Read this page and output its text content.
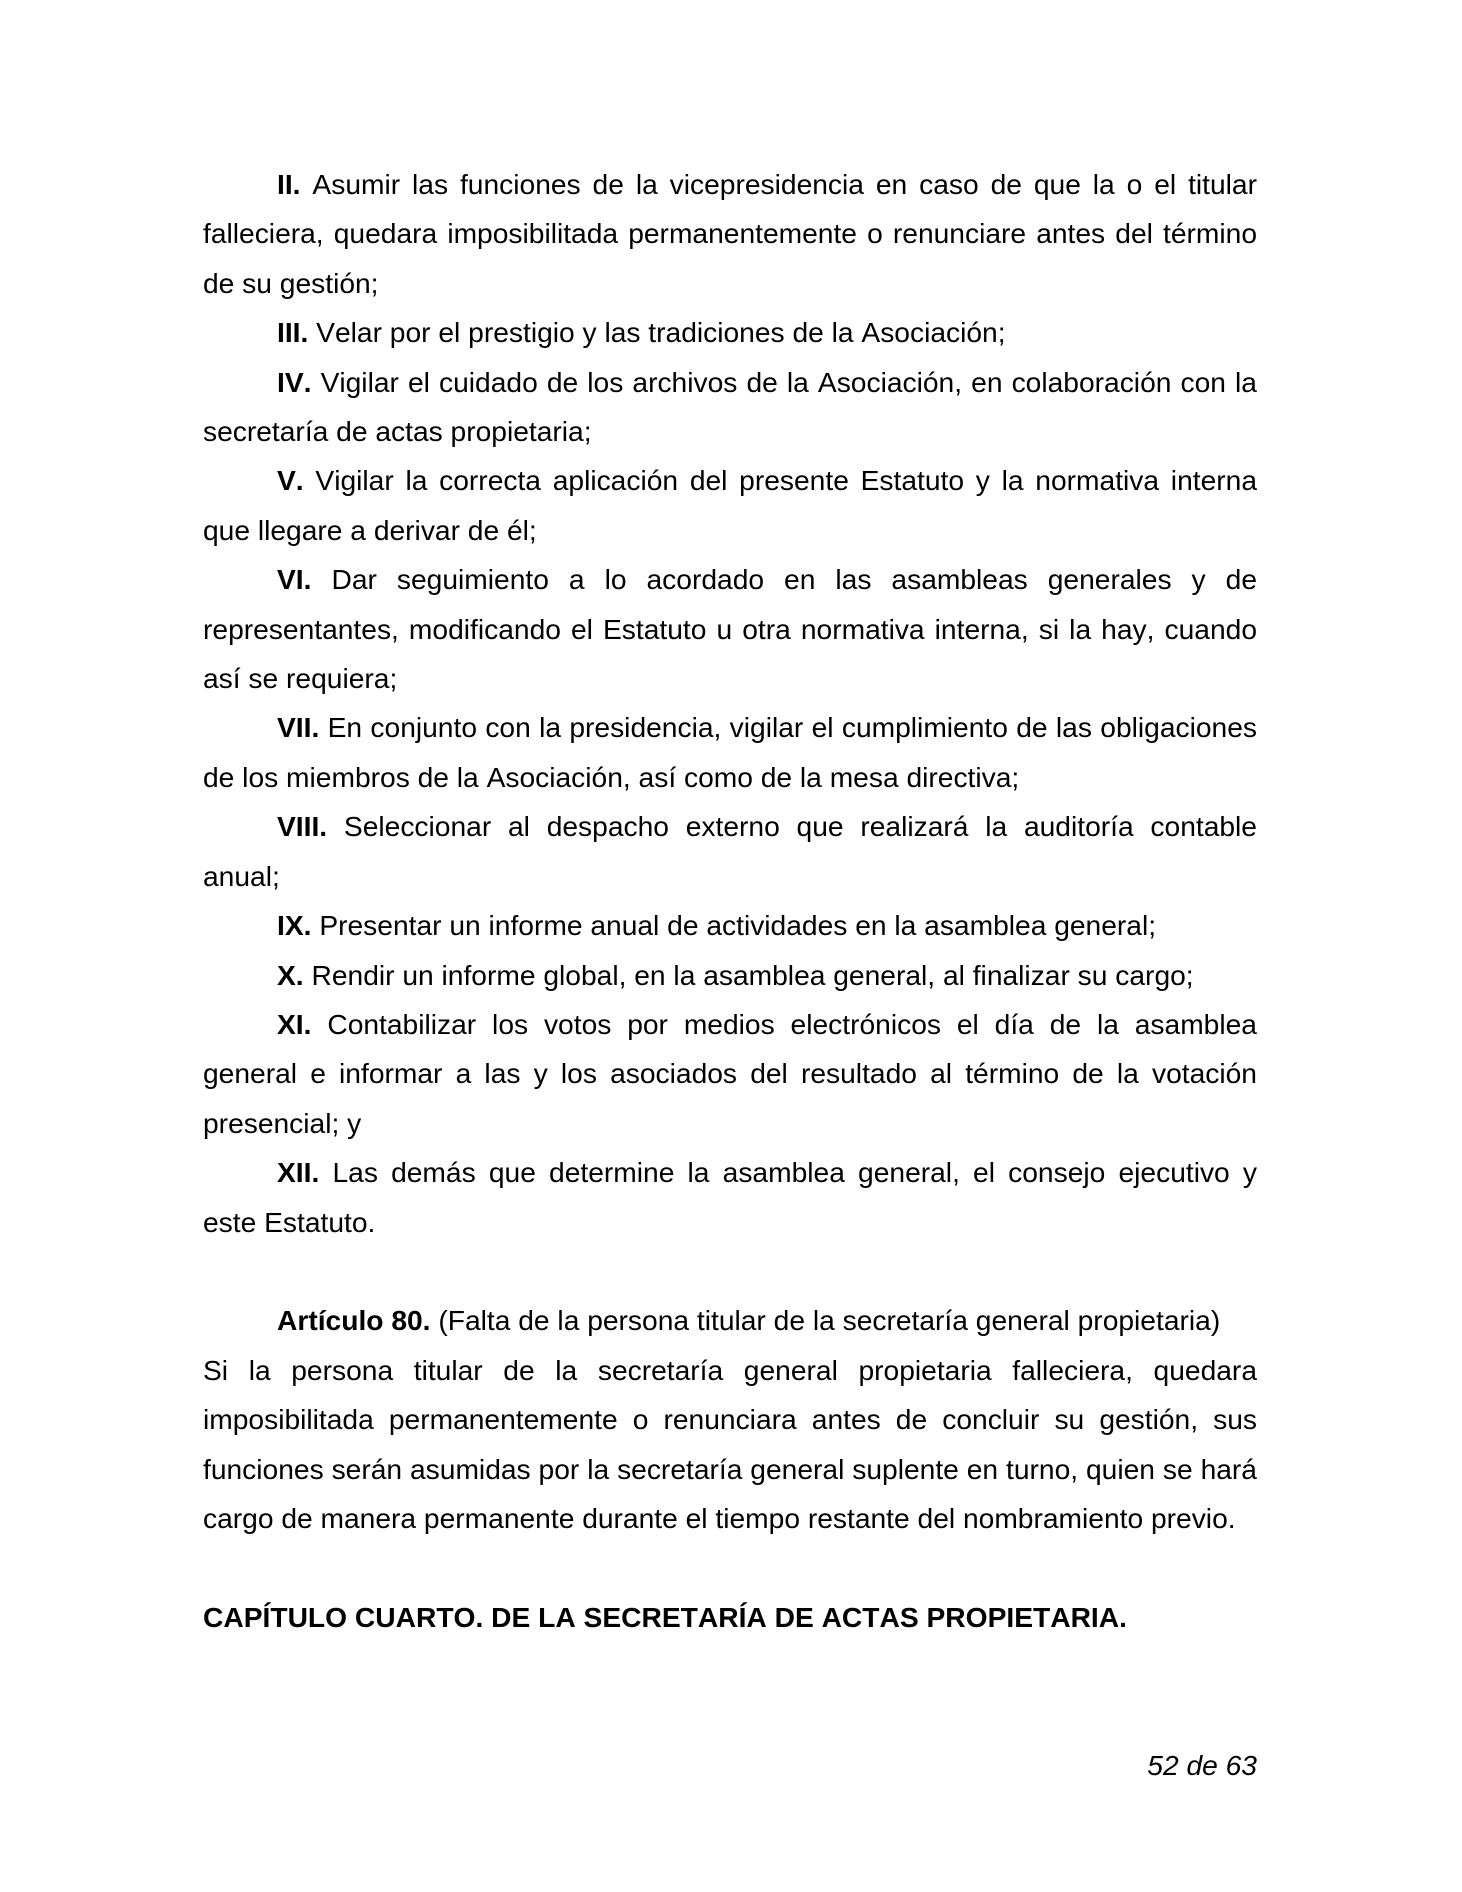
II. Asumir las funciones de la vicepresidencia en caso de que la o el titular falleciera, quedara imposibilitada permanentemente o renunciare antes del término de su gestión;

III. Velar por el prestigio y las tradiciones de la Asociación;

IV. Vigilar el cuidado de los archivos de la Asociación, en colaboración con la secretaría de actas propietaria;

V. Vigilar la correcta aplicación del presente Estatuto y la normativa interna que llegare a derivar de él;

VI. Dar seguimiento a lo acordado en las asambleas generales y de representantes, modificando el Estatuto u otra normativa interna, si la hay, cuando así se requiera;

VII. En conjunto con la presidencia, vigilar el cumplimiento de las obligaciones de los miembros de la Asociación, así como de la mesa directiva;

VIII. Seleccionar al despacho externo que realizará la auditoría contable anual;

IX. Presentar un informe anual de actividades en la asamblea general;

X. Rendir un informe global, en la asamblea general, al finalizar su cargo;

XI. Contabilizar los votos por medios electrónicos el día de la asamblea general e informar a las y los asociados del resultado al término de la votación presencial; y

XII. Las demás que determine la asamblea general, el consejo ejecutivo y este Estatuto.

Artículo 80. (Falta de la persona titular de la secretaría general propietaria)
Si la persona titular de la secretaría general propietaria falleciera, quedara imposibilitada permanentemente o renunciara antes de concluir su gestión, sus funciones serán asumidas por la secretaría general suplente en turno, quien se hará cargo de manera permanente durante el tiempo restante del nombramiento previo.

CAPÍTULO CUARTO. DE LA SECRETARÍA DE ACTAS PROPIETARIA.
52 de 63
